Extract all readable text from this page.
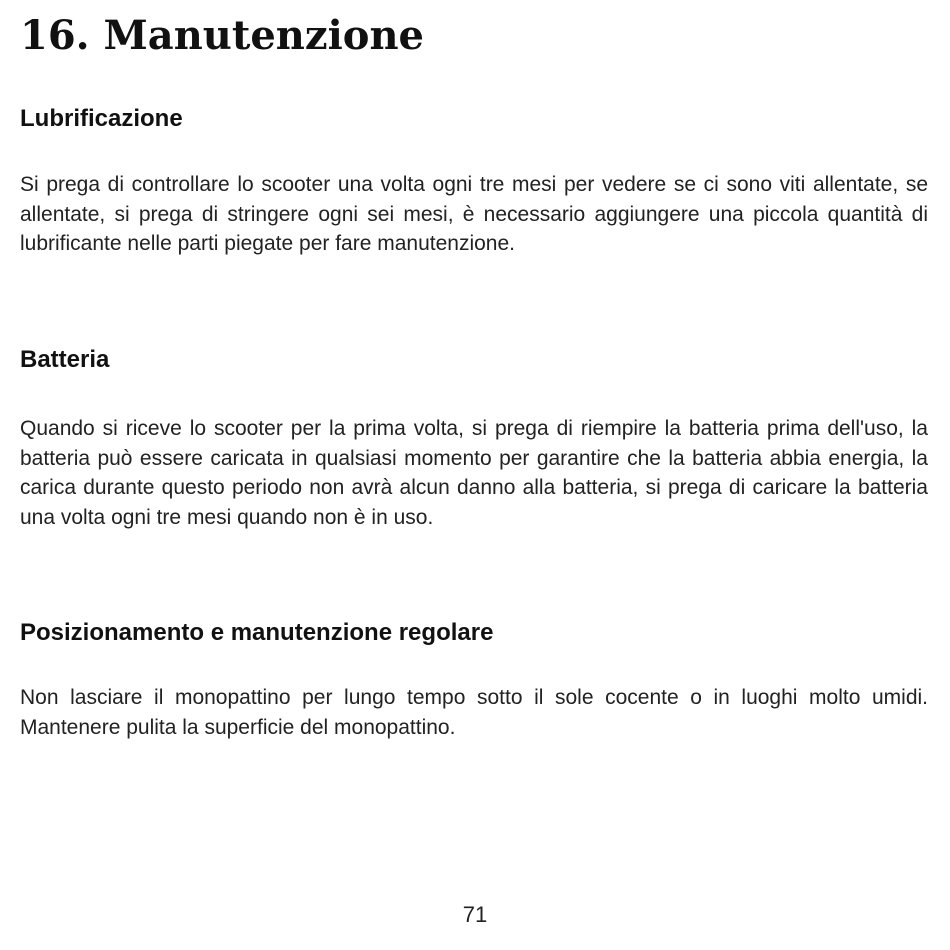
16. Manutenzione
Lubrificazione

Si prega di controllare lo scooter una volta ogni tre mesi per vedere se ci sono viti allentate, se allentate, si prega di stringere ogni sei mesi, è necessario aggiungere una piccola quantità di lubrificante nelle parti piegate per fare manutenzione.

Batteria

Quando si riceve lo scooter per la prima volta, si prega di riempire la batteria prima dell'uso, la batteria può essere caricata in qualsiasi momento per garantire che la batteria abbia energia, la carica durante questo periodo non avrà alcun danno alla batteria, si prega di caricare la batteria una volta ogni tre mesi quando non è in uso.

Posizionamento e manutenzione regolare

Non lasciare il monopattino per lungo tempo sotto il sole cocente o in luoghi molto umidi. Mantenere pulita la superficie del monopattino.

71
